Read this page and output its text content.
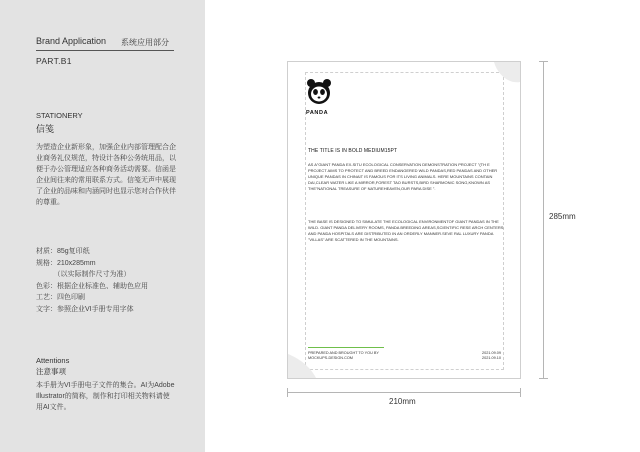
Brand Application 系统应用部分
PART.B1
STATIONERY
信笺
为塑造企业新形象，加强企业内部管理配合企业商务礼仪规范，特设计各种公务统用品，以便于办公管理适应各种商务活动需要。信函是企业间往来的常用联系方式。信笺无声中展现了企业的品味和内涵同时也显示您对合作伙伴的尊重。
材质：85g复印纸
规格：210x285mm
　　　（以实际制作尺寸为准）
色彩：根据企业标准色、辅助色应用
工艺：四色印刷
文字：参照企业VI手册专用字体
Attentions
注意事项
本手册为VI手册电子文件的集合。AI为Adobe Illustrator的简称，制作和打印相关物料请使用AI文件。
PANDA
THE TITLE IS IN BOLD MEDIUM15PT
AS A"GIANT PANDA EX-SITU ECOLOGICAL CONSERVATION DEMONSTRATION PROJECT "(TH E PROJECT AIMS TO PROTECT AND BREED ENDANGERED WILD PANDAS,RED PANDAS AND OTHER UNIQUE PANDAS IN CHINAIT IS FAMOUS FOR ITS LIVING ANIMALS. HERE MOUNTAINS CONTAIN DAI,CLEAR WATER LIKE A MIRROR,FOREST TAO BURSTS,BIRD SHARMONIC SONG,KNOWN AS THE"NATIONAL TREASURE OF NATUREHEAVEN,OUR PARA DISE ".
THE BASE IS DESIGNED TO SIMULATE THE ECOLOGICAL ENVIRONMENTOF GIANT PANDAS IN THE WILD. GIANT PANDA DELIVERY ROOMS, PANDA BREEDING AREAS,SCIENTIFIC RESE ARCH CENTERS AND PANDA HOSPITALS ARE DISTRIBUTED IN AN ORDERLY MANNER.SEVE RAL LUXURY PANDA "VILLAS" ARE SCATTERED IN THE MOUNTAINS.
PREPARED AND BROUGHT TO YOU BY
MOCKUPS-DESIGN.COM
2021.09.09
2021.09.10
210mm
285mm
